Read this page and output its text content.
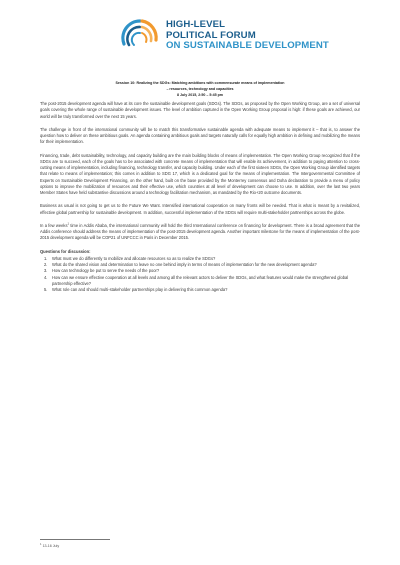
HIGH-LEVEL
POLITICAL FORUM
ON SUSTAINABLE DEVELOPMENT
Session 10: Realizing the SDGs: Matching ambitions with commensurate means of implementation
– resources, technology and capacities
8 July 2015, 2:50 – 5:45 pm

The post-2015 development agenda will have at its core the sustainable development goals (SDGs). The SDGs, as proposed by the Open Working Group, are a set of universal goals covering the whole range of sustainable development issues. The level of ambition captured in the Open Working Group proposal is high: if these goals are achieved, our world will be truly transformed over the next 15 years.

The challenge in front of the international community will be to match this transformative sustainable agenda with adequate means to implement it – that is, to answer the question how to deliver on these ambitious goals. An agenda containing ambitious goals and targets naturally calls for equally high ambition in defining and mobilizing the means for their implementation.

Financing, trade, debt sustainability, technology, and capacity building are the main building blocks of means of implementation. The Open Working Group recognized that if the SDGs are to succeed, each of the goals has to be associated with concrete means of implementation that will enable its achievement, in addition to paying attention to cross-cutting means of implementation, including financing, technology transfer, and capacity building. Under each of the first sixteen SDGs, the Open Working Group identified targets that relate to means of implementation; this comes in addition to SDG 17, which is a dedicated goal for the means of implementation. The Intergovernmental Committee of Experts on Sustainable Development Financing, on the other hand, built on the base provided by the Monterrey consensus and Doha declaration to provide a menu of policy options to improve the mobilization of resources and their effective use, which countries at all level of development can choose to use. In addition, over the last two years Member States have held substantive discussions around a technology facilitation mechanism, as mandated by the Rio+20 outcome documents.

Business as usual is not going to get us to the Future We Want. Intensified international cooperation on many fronts will be needed. That is what is meant by a revitalized, effective global partnership for sustainable development. In addition, successful implementation of the SDGs will require multi-stakeholder partnerships across the globe.

In a few weeks$^1$ time in Addis Ababa, the international community will hold the third International conference on financing for development. There is a broad agreement that the Addis conference should address the means of implementation of the post-2015 development agenda. Another important milestone for the means of implementation of the post-2015 development agenda will be COP21 of UNFCCC in Paris in December 2015.

Questions for discussion:
1.	What must we do differently to mobilize and allocate resources so as to realize the SDGs?
2.	What do the shared vision and determination to leave no one behind imply in terms of means of implementation for the new development agenda?
3.	How can technology be put to serve the needs of the poor?
4.	How can we ensure effective cooperation at all levels and among all the relevant actors to deliver the SDGs, and what features would make the strengthened global partnership effective?
5.	What role can and should multi-stakeholder partnerships play in delivering this common agenda?
$^1$ 13-16 July
